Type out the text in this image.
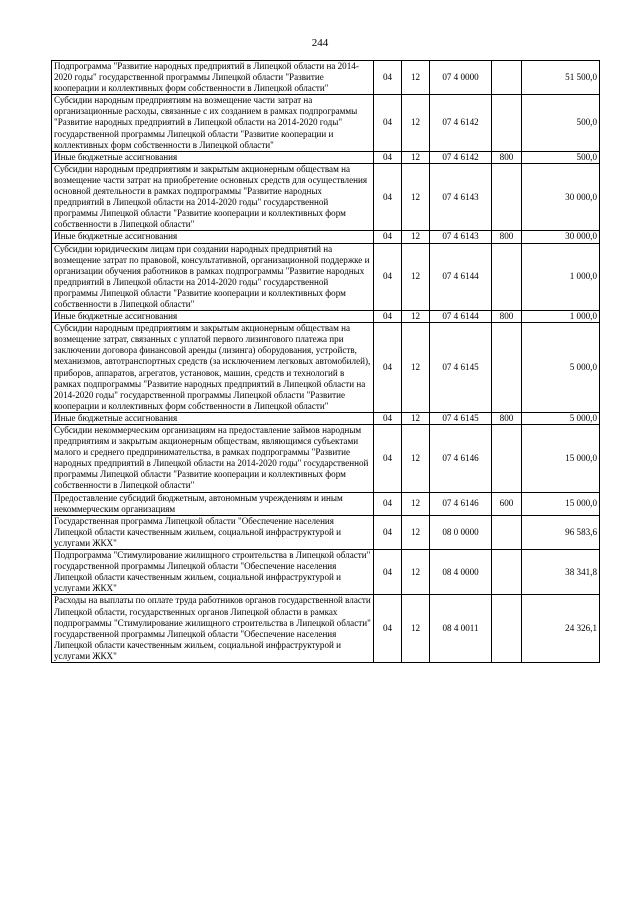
244
Подпрограмма "Развитие народных предприятий в Липецкой области на 2014-2020 годы" государственной программы Липецкой области "Развитие кооперации и коллективных форм собственности в Липецкой области"	04	12	07 4 0000		51 500,0
Субсидии народным предприятиям на возмещение части затрат на организационные расходы, связанные с их созданием в рамках подпрограммы "Развитие народных предприятий в Липецкой области на 2014-2020 годы" государственной программы Липецкой области "Развитие кооперации и коллективных форм собственности в Липецкой области"	04	12	07 4 6142		500,0
Иные бюджетные ассигнования	04	12	07 4 6142	800	500,0
Субсидии народным предприятиям и закрытым акционерным обществам на возмещение части затрат на приобретение основных средств для осуществления основной деятельности в рамках подпрограммы "Развитие народных предприятий в Липецкой области на 2014-2020 годы" государственной программы Липецкой области "Развитие кооперации и коллективных форм собственности в Липецкой области"	04	12	07 4 6143		30 000,0
Иные бюджетные ассигнования	04	12	07 4 6143	800	30 000,0
Субсидии юридическим лицам при создании народных предприятий на возмещение затрат по правовой, консультативной, организационной поддержке и организации обучения работников в рамках подпрограммы "Развитие народных предприятий в Липецкой области на 2014-2020 годы" государственной программы Липецкой области "Развитие кооперации и коллективных форм собственности в Липецкой области"	04	12	07 4 6144		1 000,0
Иные бюджетные ассигнования	04	12	07 4 6144	800	1 000,0
Субсидии народным предприятиям и закрытым акционерным обществам на возмещение затрат, связанных с уплатой первого лизингового платежа при заключении договора финансовой аренды (лизинга) оборудования, устройств, механизмов, автотранспортных средств (за исключением легковых автомобилей), приборов, аппаратов, агрегатов, установок, машин, средств и технологий в рамках подпрограммы "Развитие народных предприятий в Липецкой области на 2014-2020 годы" государственной программы Липецкой области "Развитие кооперации и коллективных форм собственности в Липецкой области"	04	12	07 4 6145		5 000,0
Иные бюджетные ассигнования	04	12	07 4 6145	800	5 000,0
Субсидии некоммерческим организациям на предоставление займов народным предприятиям и закрытым акционерным обществам, являющимся субъектами малого и среднего предпринимательства, в рамках подпрограммы "Развитие народных предприятий в Липецкой области на 2014-2020 годы" государственной программы Липецкой области "Развитие кооперации и коллективных форм собственности в Липецкой области"	04	12	07 4 6146		15 000,0
Предоставление субсидий бюджетным, автономным учреждениям и иным некоммерческим организациям	04	12	07 4 6146	600	15 000,0
Государственная программа Липецкой области "Обеспечение населения Липецкой области качественным жильем, социальной инфраструктурой и услугами ЖКХ"	04	12	08 0 0000		96 583,6
Подпрограмма "Стимулирование жилищного строительства в Липецкой области" государственной программы Липецкой области "Обеспечение населения Липецкой области качественным жильем, социальной инфраструктурой и услугами ЖКХ"	04	12	08 4 0000		38 341,8
Расходы на выплаты по оплате труда работников органов государственной власти Липецкой области, государственных органов Липецкой области в рамках подпрограммы "Стимулирование жилищного строительства в Липецкой области" государственной программы Липецкой области "Обеспечение населения Липецкой области качественным жильем, социальной инфраструктурой и услугами ЖКХ"	04	12	08 4 0011		24 326,1
